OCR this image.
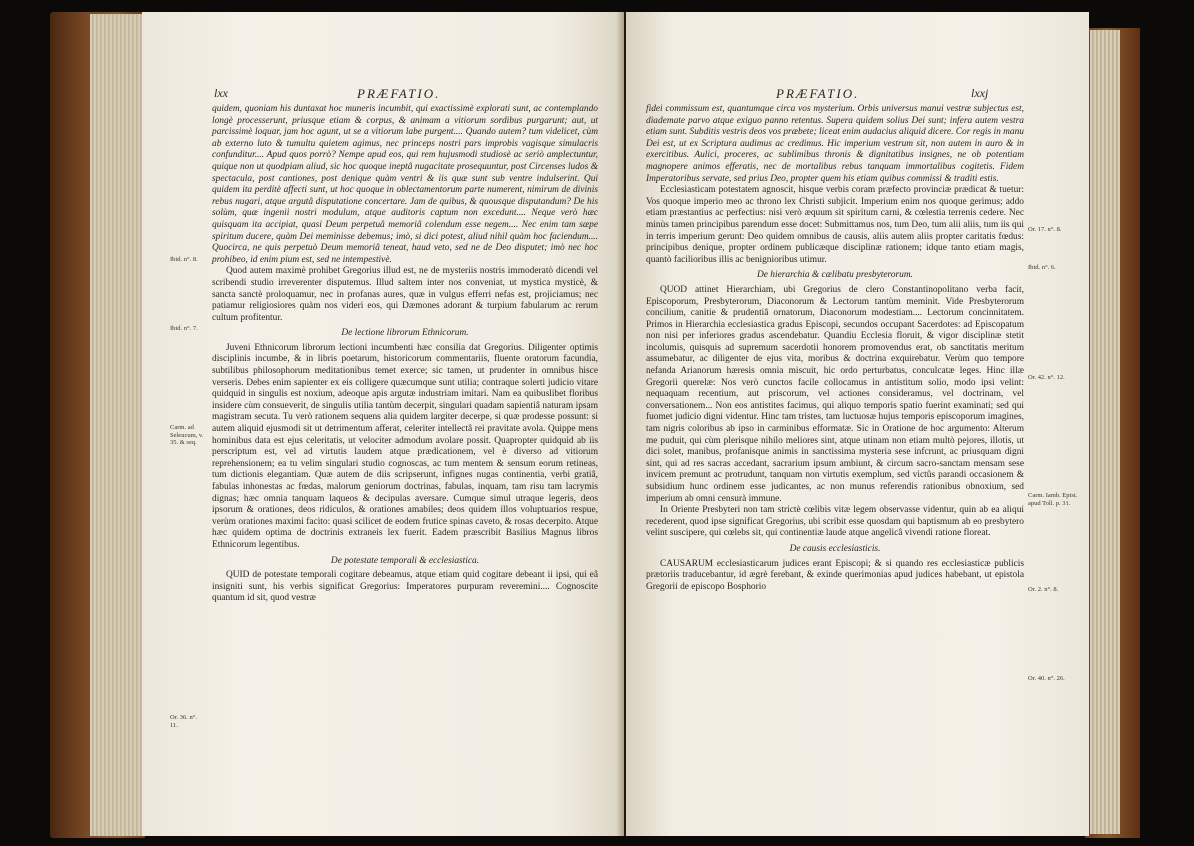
lxx	PRÆFATIO.

quidem, quoniam his duntaxat hoc muneris incumbit, qui exactissimè explorati sunt, ac contemplando longè processerunt, priusque etiam & corpus, & animam a vitiorum sordibus purgarunt; aut, ut parcissimè loquar, jam hoc agunt, ut se a vitiorum labe purgent.... Quando autem? tum videlicet, cùm ab externo luto & tumultu quietem agimus, nec princeps nostri pars improbis vagisque simulacris confunditur.... Apud quos porrò? Nempe apud eos, qui rem hujusmodi studiosè ac seriò amplectuntur, quique non ut quodpiam aliud, sic hoc quoque ineptâ nugacitate prosequuntur, post Circenses ludos & spectacula, post cantiones, post denique quàm ventri & iis quæ sunt sub ventre indulserint. Qui quidem ita perditè affecti sunt, ut hoc quoque in oblectamentorum parte numerent, nimirum de divinis rebus nugari, atque argutâ disputatione concertare. Jam de quibus, & quousque disputandum? De his solùm, quæ ingenii nostri modulum, atque auditoris captum non excedunt.... Neque verò hæc quisquam ita accipiat, quasi Deum perpetuâ memoriâ colendum esse negem.... Nec enim tam sæpe spiritum ducere, quàm Dei meminisse debemus; imò, si dici potest, aliud nihil quàm hoc faciendum.... Quocirca, ne quis perpetuò Deum memoriâ teneat, haud veto, sed ne de Deo disputet; imò nec hoc prohibeo, id enim pium est, sed ne intempestivè.

Quod autem maximè prohibet Gregorius illud est, ne de mysteriis nostris immoderatò dicendi vel scribendi studio irreverenter disputemus. Illud saltem inter nos conveniat, ut mystica mysticè, & sancta sanctè proloquamur, nec in profanas aures, quæ in vulgus efferri nefas est, projiciamus; nec patiamur religiosiores quàm nos videri eos, qui Dæmones adorant & turpium fabularum ac rerum cultum profitentur.

De lectione librorum Ethnicorum.

Juveni Ethnicorum librorum lectioni incumbenti hæc consilia dat Gregorius. Diligenter optimis disciplinis incumbe, & in libris poetarum, historicorum commentariis, fluente oratorum facundia, subtilibus philosophorum meditationibus temet exerce; sic tamen, ut prudenter in omnibus hisce verseris. Debes enim sapienter ex eis colligere quæcumque sunt utilia; contraque solerti judicio vitare quidquid in singulis est noxium, adeoque apis argutæ industriam imitari. Nam ea quibuslibet floribus insidere cùm consueverit, de singulis utilia tantùm decerpit, singulari quadam sapientiâ naturam ipsam magistram secuta. Tu verò rationem sequens alia quidem largiter decerpe, si quæ prodesse possunt: si autem aliquid ejusmodi sit ut detrimentum afferat, celeriter intellectâ rei pravitate avola. Quippe mens hominibus data est ejus celeritatis, ut velociter admodum avolare possit. Quapropter quidquid ab iis perscriptum est, vel ad virtutis laudem atque prædicationem, vel è diverso ad vitiorum reprehensionem; ea tu velim singulari studio cognoscas, ac tum mentem & sensum eorum retineas, tum dictionis elegantiam. Quæ autem de diis scripserunt, infignes nugas continentia, verbi gratiâ, fabulas inhonestas ac fœdas, malorum geniorum doctrinas, fabulas, inquam, tam risu tam lacrymis dignas; hæc omnia tanquam laqueos & decipulas aversare. Cumque simul utraque legeris, deos ipsorum & orationes, deos ridiculos, & orationes amabiles; deos quidem illos voluptuarios respue, verùm orationes maximi facito: quasi scilicet de eodem frutice spinas caveto, & rosas decerpito. Atque hæc quidem optima de doctrinis extraneis lex fuerit. Eadem præscribit Basilius Magnus libros Ethnicorum legentibus.

De potestate temporali & ecclesiastica.

QUID de potestate temporali cogitare debeamus, atque etiam quid cogitare debeant ii ipsi, qui eâ insigniti sunt, his verbis significat Gregorius: Imperatores purpuram reveremini.... Cognoscite quantum id sit, quod vestræ

Ibid. n°. 8.
Ibid. n°. 7.
Carm. ad Seleucum, v. 35. & seq.
Or. 36. n°. 11.
PRÆFATIO.	lxxj

fidei commissum est, quantumque circa vos mysterium. Orbis universus manui vestræ subjectus est, diademate parvo atque exiguo panno retentus. Supera quidem solius Dei sunt; infera autem vestra etiam sunt. Subditis vestris deos vos præbete; liceat enim audacius aliquid dicere. Cor regis in manu Dei est, ut ex Scriptura audimus ac credimus. Hic imperium vestrum sit, non autem in auro & in exercitibus. Aulici, proceres, ac sublimibus thronis & dignitatibus insignes, ne ob potentiam magnopere animos efferatis, nec de mortalibus rebus tanquam immortalibus cogitetis. Fidem Imperatoribus servate, sed prius Deo, propter quem his etiam quibus commissi & traditi estis.

Ecclesiasticam potestatem agnoscit, hisque verbis coram præfecto provinciæ prædicat & tuetur: Vos quoque imperio meo ac throno lex Christi subjicit. Imperium enim nos quoque gerimus; addo etiam præstantius ac perfectius: nisi verò æquum sit spiritum carni, & cœlestia terrenis cedere. Nec minùs tamen principibus parendum esse docet: Submittamus nos, tum Deo, tum alii aliis, tum iis qui in terris imperium gerunt: Deo quidem omnibus de causis, aliis autem aliis propter caritatis fœdus: principibus denique, propter ordinem publicæque disciplinæ rationem; idque tanto etiam magis, quantò facilioribus illis ac benignioribus utimur.

De hierarchia & cælibatu presbyterorum.

QUOD attinet Hierarchiam, ubi Gregorius de clero Constantinopolitano verba facit, Episcoporum, Presbyterorum, Diaconorum & Lectorum tantùm meminit. Vide Presbyterorum concilium, canitie & prudentiâ ornatorum, Diaconorum modestiam.... Lectorum concinnitatem. Primos in Hierarchia ecclesiastica gradus Episcopi, secundos occupant Sacerdotes: ad Episcopatum non nisi per inferiores gradus ascendebatur. Quandiu Ecclesia floruit, & vigor disciplinæ stetit incolumis, quisquis ad supremum sacerdotii honorem promovendus erat, ob sanctitatis meritum assumebatur, ac diligenter de ejus vita, moribus & doctrina exquirebatur. Verùm quo tempore nefanda Arianorum hæresis omnia miscuit, hic ordo perturbatus, conculcatæ leges. Hinc illæ Gregorii querelæ: Nos verò cunctos facile collocamus in antistitum solio, modo ipsi velint: nequaquam recentium, aut priscorum, vel actiones consideramus, vel doctrinam, vel conversationem... Non eos antistites facimus, qui aliquo temporis spatio fuerint examinati; sed qui fuomet judicio digni videntur. Hinc tam tristes, tam luctuosæ hujus temporis episcoporum imagines, tam nigris coloribus ab ipso in carminibus efformatæ. Sic in Oratione de hoc argumento: Alterum me puduit, qui cùm plerisque nihilo meliores sint, atque utinam non etiam multò pejores, illotis, ut dici solet, manibus, profanisque animis in sanctissima mysteria sese infcrunt, ac priusquam digni sint, qui ad res sacras accedant, sacrarium ipsum ambiunt, & circum sacro-sanctam mensam sese invicem premunt ac protrudunt, tanquam non virtutis exemplum, sed victûs parandi occasionem & subsidium hunc ordinem esse judicantes, ac non munus referendis rationibus obnoxium, sed imperium ab omni censurà immune.

In Oriente Presbyteri non tam strictè cœlibis vitæ legem observasse videntur, quin ab ea aliqui recederent, quod ipse significat Gregorius, ubi scribit esse quosdam qui baptismum ab eo presbytero velint suscipere, qui cœlebs sit, qui continentiæ laude atque angelicâ vivendi ratione floreat.

De causis ecclesiasticis.

CAUSARUM ecclesiasticarum judices erant Episcopi; & si quando res ecclesiasticæ publicis prætoriis traducebantur, id ægrè ferebant, & exinde querimonias apud judices habebant, ut epistola Gregorii de episcopo Bosphorio

Or. 17. n°. 8.
Ibid. n°. 6.
Or. 42. n°. 12.
Carm. Iamb. Epist. apud Toll. p. 31.
Or. 2. n°. 8.
Or. 40. n°. 26.
